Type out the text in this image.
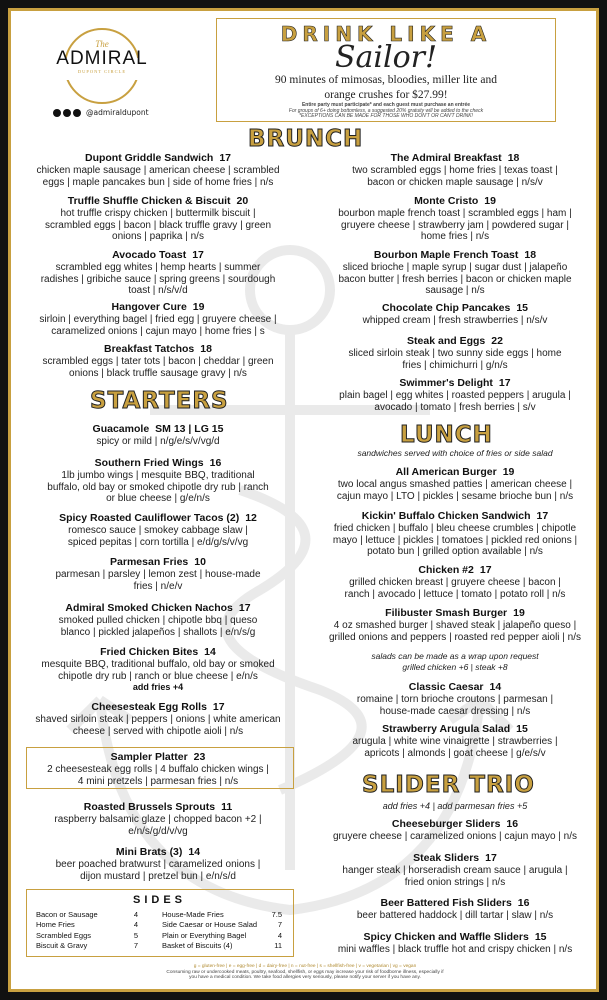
The
ADMIRAL
DUPONT CIRCLE
@admiraldupont
DRINK LIKE A
Sailor!
90 minutes of mimosas, bloodies, miller lite and
orange crushes for $27.99!
Entire party must participate* and each guest must purchase an entrée
For groups of 6+ doing bottomless, a suggested 20% gratuity will be added to the check
*EXCEPTIONS CAN BE MADE FOR THOSE WHO DON'T OR CAN'T DRINK!
BRUNCH
STARTERS
LUNCH
SLIDER TRIO
Dupont Griddle Sandwich 17
chicken maple sausage | american cheese | scrambled
eggs | maple pancakes bun | side of home fries | n/s
Truffle Shuffle Chicken & Biscuit 20
hot truffle crispy chicken | buttermilk biscuit |
scrambled eggs | bacon | black truffle gravy | green
onions | paprika | n/s
Avocado Toast 17
scrambled egg whites | hemp hearts | summer
radishes | gribiche sauce | spring greens | sourdough
toast | n/s/v/d
Hangover Cure 19
sirloin | everything bagel | fried egg | gruyere cheese |
caramelized onions | cajun mayo | home fries | s
Breakfast Tatchos 18
scrambled eggs | tater tots | bacon | cheddar | green
onions | black truffle sausage gravy | n/s
The Admiral Breakfast 18
two scrambled eggs | home fries | texas toast |
bacon or chicken maple sausage | n/s/v
Monte Cristo 19
bourbon maple french toast | scrambled eggs | ham |
gruyere cheese | strawberry jam | powdered sugar |
home fries | n/s
Bourbon Maple French Toast 18
sliced brioche | maple syrup | sugar dust | jalapeño
bacon butter | fresh berries | bacon or chicken maple
sausage | n/s
Chocolate Chip Pancakes 15
whipped cream | fresh strawberries | n/s/v
Steak and Eggs 22
sliced sirloin steak | two sunny side eggs | home
fries | chimichurri | g/n/s
Swimmer's Delight 17
plain bagel | egg whites | roasted peppers | arugula |
avocado | tomato | fresh berries | s/v
Guacamole SM 13 | LG 15
spicy or mild | n/g/e/s/v/vg/d
Southern Fried Wings 16
1lb jumbo wings | mesquite BBQ, traditional
buffalo, old bay or smoked chipotle dry rub | ranch
or blue cheese | g/e/n/s
Spicy Roasted Cauliflower Tacos (2) 12
romesco sauce | smokey cabbage slaw |
spiced pepitas | corn tortilla | e/d/g/s/v/vg
Parmesan Fries 10
parmesan | parsley | lemon zest | house-made
fries | n/e/v
Admiral Smoked Chicken Nachos 17
smoked pulled chicken | chipotle bbq | queso
blanco | pickled jalapeños | shallots | e/n/s/g
Fried Chicken Bites 14
mesquite BBQ, traditional buffalo, old bay or smoked
chipotle dry rub | ranch or blue cheese | e/n/s
add fries +4
Cheesesteak Egg Rolls 17
shaved sirloin steak | peppers | onions | white american
cheese | served with chipotle aioli | n/s
Sampler Platter 23
2 cheesesteak egg rolls | 4 buffalo chicken wings |
4 mini pretzels | parmesan fries | n/s
Roasted Brussels Sprouts 11
raspberry balsamic glaze | chopped bacon +2 |
e/n/s/g/d/v/vg
Mini Brats (3) 14
beer poached bratwurst | caramelized onions |
dijon mustard | pretzel bun | e/n/s/d
sandwiches served with choice of fries or side salad
All American Burger 19
two local angus smashed patties | american cheese |
cajun mayo | LTO | pickles | sesame brioche bun | n/s
Kickin' Buffalo Chicken Sandwich 17
fried chicken | buffalo | bleu cheese crumbles | chipotle
mayo | lettuce | pickles | tomatoes | pickled red onions |
potato bun | grilled option available | n/s
Chicken #2 17
grilled chicken breast | gruyere cheese | bacon |
ranch | avocado | lettuce | tomato | potato roll | n/s
Filibuster Smash Burger 19
4 oz smashed burger | shaved steak | jalapeño queso |
grilled onions and peppers | roasted red pepper aioli | n/s
salads can be made as a wrap upon request
grilled chicken +6 | steak +8
Classic Caesar 14
romaine | torn brioche croutons | parmesan |
house-made caesar dressing | n/s
Strawberry Arugula Salad 15
arugula | white wine vinaigrette | strawberries |
apricots | almonds | goat cheese | g/e/s/v
add fries +4 | add parmesan fries +5
Cheeseburger Sliders 16
gruyere cheese | caramelized onions | cajun mayo | n/s
Steak Sliders 17
hanger steak | horseradish cream sauce | arugula |
fried onion strings | n/s
Beer Battered Fish Sliders 16
beer battered haddock | dill tartar | slaw | n/s
Spicy Chicken and Waffle Sliders 15
mini waffles | black truffle hot and crispy chicken | n/s
SIDES
Bacon or Sausage	4
Home Fries	4
Scrambled Eggs	5
Biscuit & Gravy	7
House-Made Fries	7.5
Side Caesar or House Salad	7
Plain or Everything Bagel	4
Basket of Biscuits (4)	11
g = gluten-free | e = egg-free | d = dairy-free | n = nut-free | s = shellfish-free | v = vegetarian | vg = vegan
Consuming raw or undercooked meats, poultry, seafood, shellfish, or eggs may increase your risk of foodborne illness, especially if
you have a medical condition. We take food allergies very seriously, please notify your server if you have any.
